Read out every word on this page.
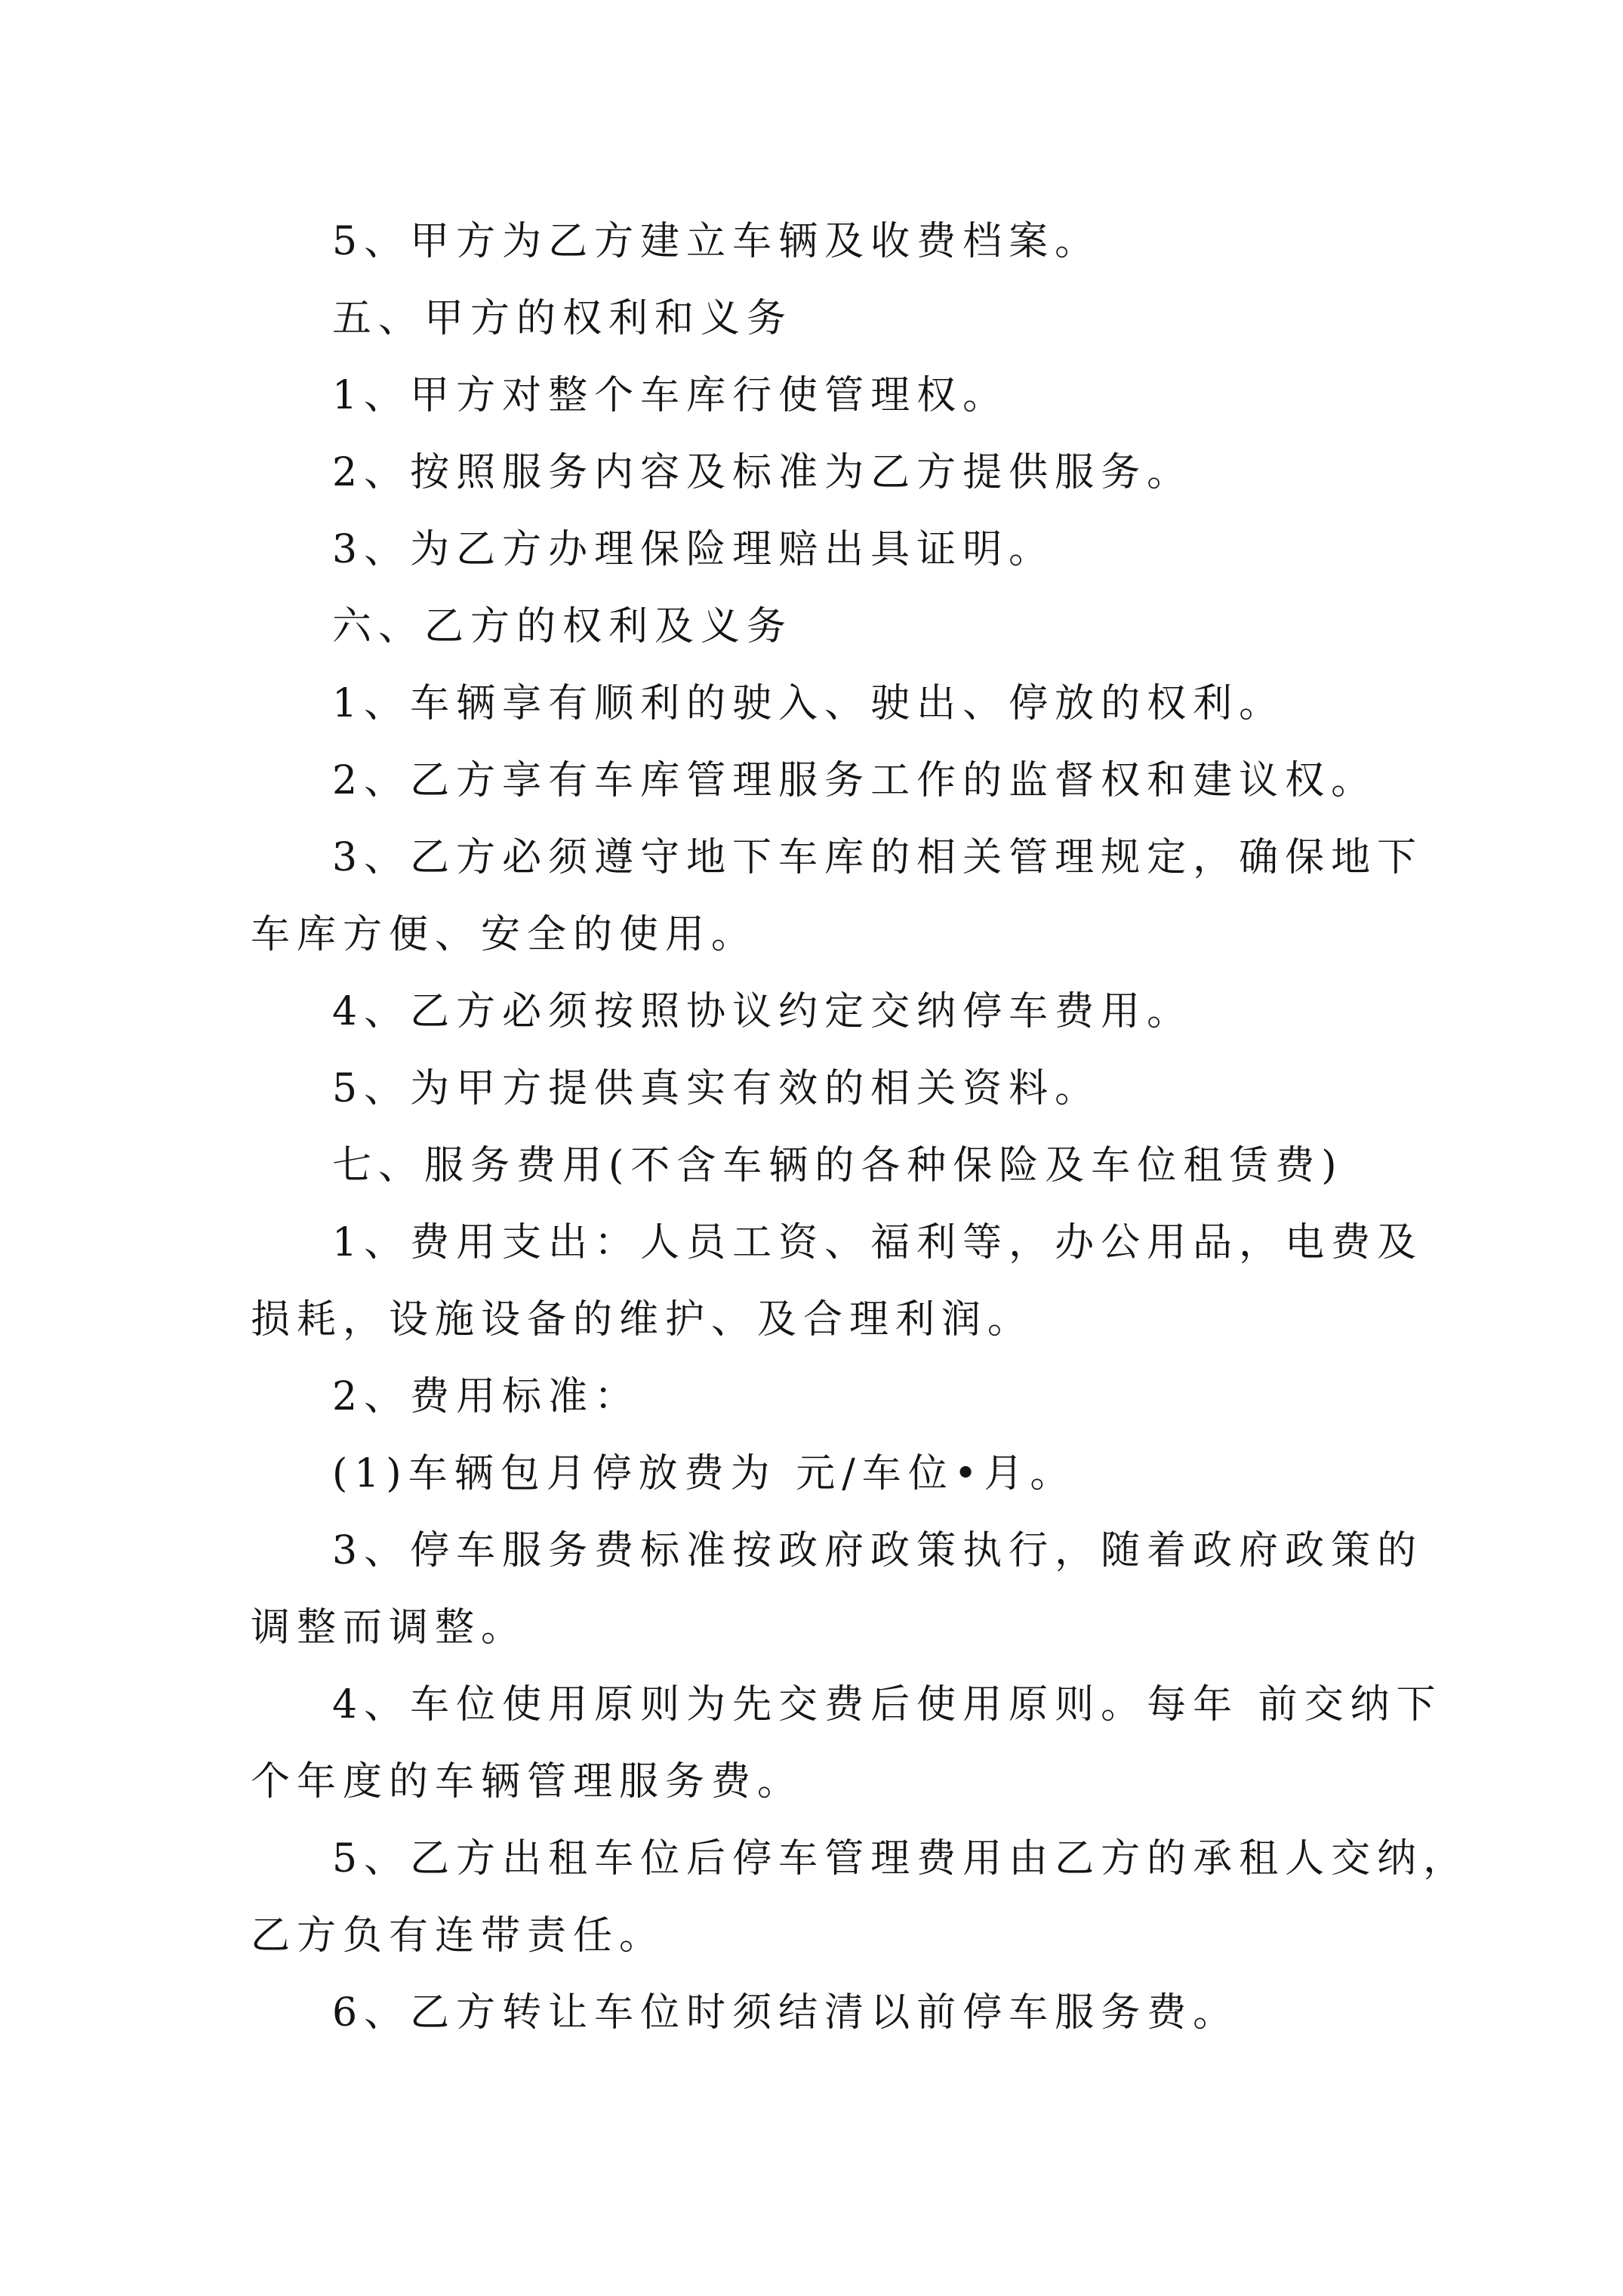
5、甲方为乙方建立车辆及收费档案。

五、甲方的权利和义务

1、甲方对整个车库行使管理权。

2、按照服务内容及标准为乙方提供服务。

3、为乙方办理保险理赔出具证明。

六、乙方的权利及义务

1、车辆享有顺利的驶入、驶出、停放的权利。

2、乙方享有车库管理服务工作的监督权和建议权。

3、乙方必须遵守地下车库的相关管理规定，确保地下
车库方便、安全的使用。

4、乙方必须按照协议约定交纳停车费用。

5、为甲方提供真实有效的相关资料。

七、服务费用(不含车辆的各种保险及车位租赁费)

1、费用支出：人员工资、福利等，办公用品，电费及
损耗，设施设备的维护、及合理利润。

2、费用标准：

(1)车辆包月停放费为 元/车位•月。

3、停车服务费标准按政府政策执行，随着政府政策的
调整而调整。

4、车位使用原则为先交费后使用原则。每年 前交纳下
个年度的车辆管理服务费。

5、乙方出租车位后停车管理费用由乙方的承租人交纳，
乙方负有连带责任。

6、乙方转让车位时须结清以前停车服务费。
